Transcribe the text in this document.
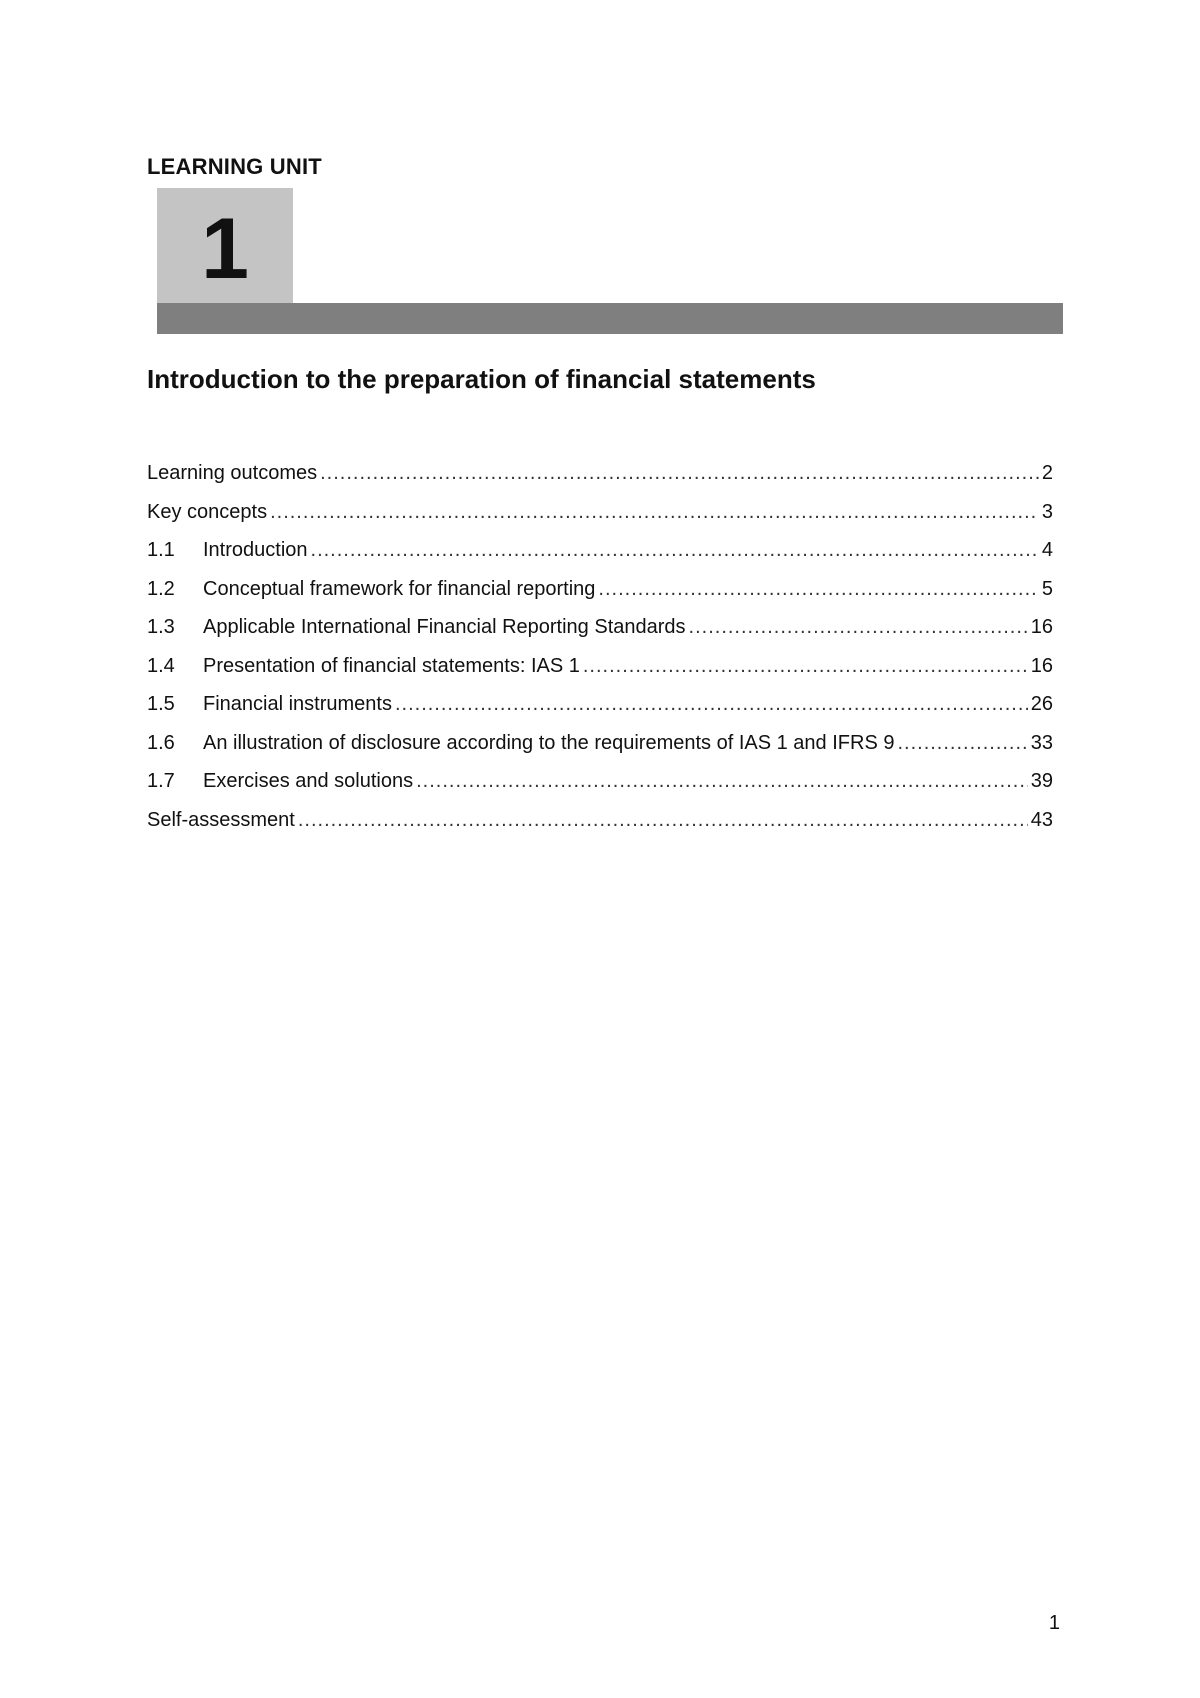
LEARNING UNIT
1
Introduction to the preparation of financial statements
Learning outcomes .....	2
Key concepts .....	3
1.1	Introduction .....	4
1.2	Conceptual framework for financial reporting .....	5
1.3	Applicable International Financial Reporting Standards .....	16
1.4	Presentation of financial statements: IAS 1 .....	16
1.5	Financial instruments .....	26
1.6	An illustration of disclosure according to the requirements of IAS 1 and IFRS 9 .....	33
1.7	Exercises and solutions .....	39
Self-assessment .....	43

1
